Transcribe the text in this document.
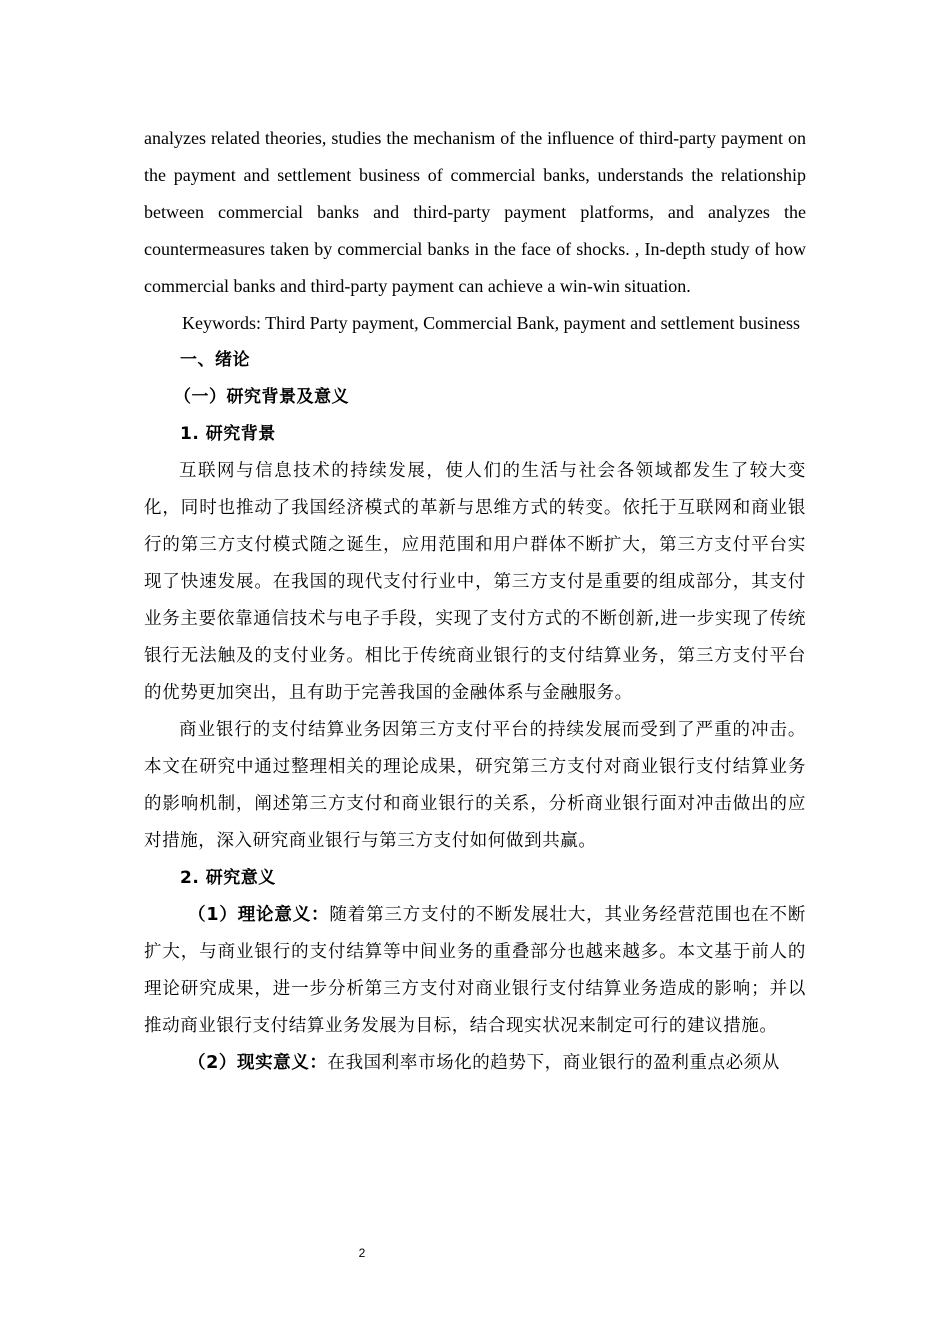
analyzes related theories, studies the mechanism of the influence of third-party payment on the payment and settlement business of commercial banks, understands the relationship between commercial banks and third-party payment platforms, and analyzes the countermeasures taken by commercial banks in the face of shocks. , In-depth study of how commercial banks and third-party payment can achieve a win-win situation.

Keywords: Third Party payment, Commercial Bank, payment and settlement business

一、绪论

（一）研究背景及意义

1. 研究背景

互联网与信息技术的持续发展，使人们的生活与社会各领域都发生了较大变化，同时也推动了我国经济模式的革新与思维方式的转变。依托于互联网和商业银行的第三方支付模式随之诞生，应用范围和用户群体不断扩大，第三方支付平台实现了快速发展。在我国的现代支付行业中，第三方支付是重要的组成部分，其支付业务主要依靠通信技术与电子手段，实现了支付方式的不断创新,进一步实现了传统银行无法触及的支付业务。相比于传统商业银行的支付结算业务，第三方支付平台的优势更加突出，且有助于完善我国的金融体系与金融服务。

商业银行的支付结算业务因第三方支付平台的持续发展而受到了严重的冲击。本文在研究中通过整理相关的理论成果，研究第三方支付对商业银行支付结算业务的影响机制，阐述第三方支付和商业银行的关系，分析商业银行面对冲击做出的应对措施，深入研究商业银行与第三方支付如何做到共赢。

2. 研究意义

（1）理论意义：随着第三方支付的不断发展壮大，其业务经营范围也在不断扩大，与商业银行的支付结算等中间业务的重叠部分也越来越多。本文基于前人的理论研究成果，进一步分析第三方支付对商业银行支付结算业务造成的影响；并以推动商业银行支付结算业务发展为目标，结合现实状况来制定可行的建议措施。

（2）现实意义：在我国利率市场化的趋势下，商业银行的盈利重点必须从

2
